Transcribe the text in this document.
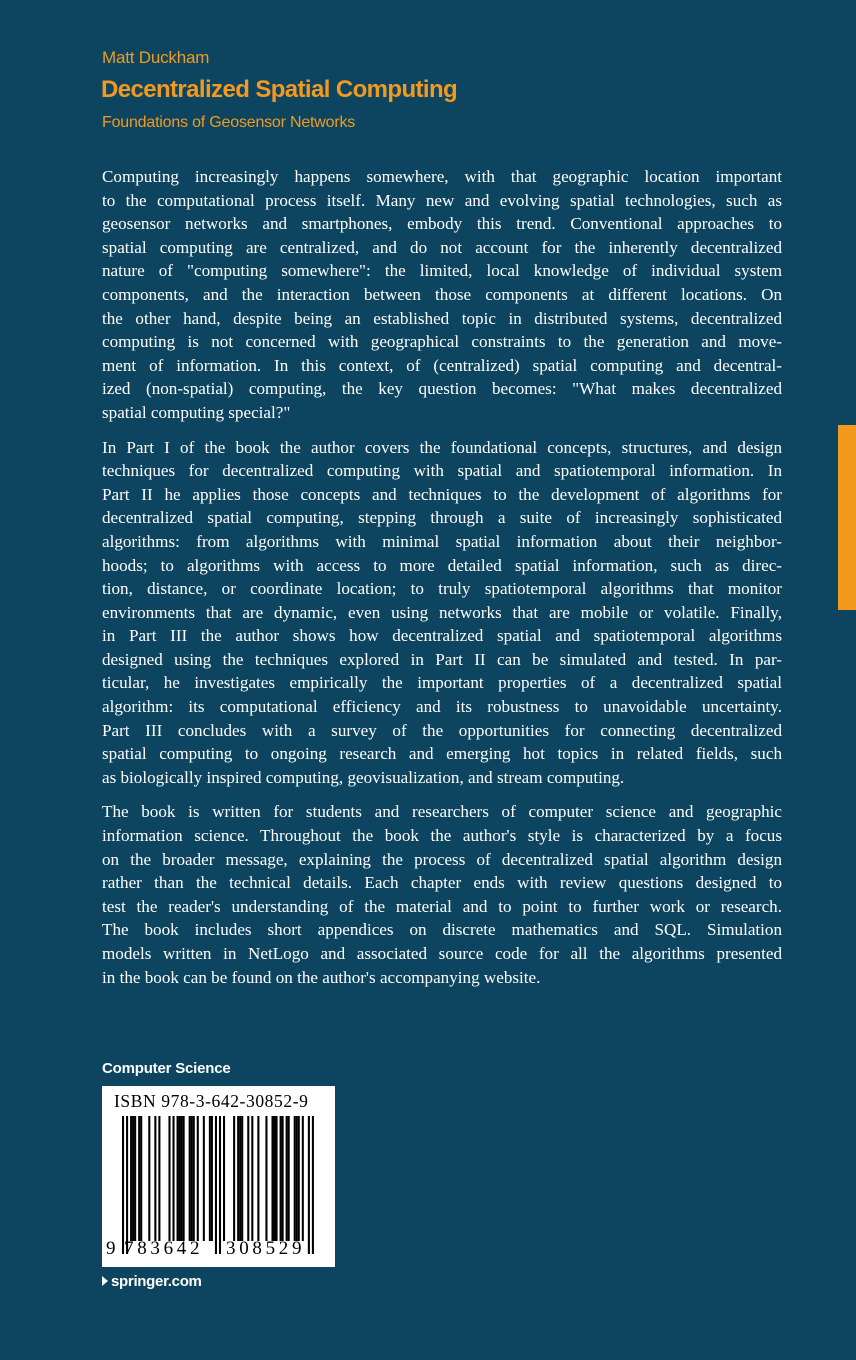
Matt Duckham
Decentralized Spatial Computing
Foundations of Geosensor Networks

Computing increasingly happens somewhere, with that geographic location important
to the computational process itself. Many new and evolving spatial technologies, such as
geosensor networks and smartphones, embody this trend. Conventional approaches to
spatial computing are centralized, and do not account for the inherently decentralized
nature of "computing somewhere": the limited, local knowledge of individual system
components, and the interaction between those components at different locations. On
the other hand, despite being an established topic in distributed systems, decentralized
computing is not concerned with geographical constraints to the generation and move-
ment of information. In this context, of (centralized) spatial computing and decentral-
ized (non-spatial) computing, the key question becomes: "What makes decentralized
spatial computing special?"

In Part I of the book the author covers the foundational concepts, structures, and design
techniques for decentralized computing with spatial and spatiotemporal information. In
Part II he applies those concepts and techniques to the development of algorithms for
decentralized spatial computing, stepping through a suite of increasingly sophisticated
algorithms: from algorithms with minimal spatial information about their neighbor-
hoods; to algorithms with access to more detailed spatial information, such as direc-
tion, distance, or coordinate location; to truly spatiotemporal algorithms that monitor
environments that are dynamic, even using networks that are mobile or volatile. Finally,
in Part III the author shows how decentralized spatial and spatiotemporal algorithms
designed using the techniques explored in Part II can be simulated and tested. In par-
ticular, he investigates empirically the important properties of a decentralized spatial
algorithm: its computational efficiency and its robustness to unavoidable uncertainty.
Part III concludes with a survey of the opportunities for connecting decentralized
spatial computing to ongoing research and emerging hot topics in related fields, such
as biologically inspired computing, geovisualization, and stream computing.

The book is written for students and researchers of computer science and geographic
information science. Throughout the book the author's style is characterized by a focus
on the broader message, explaining the process of decentralized spatial algorithm design
rather than the technical details. Each chapter ends with review questions designed to
test the reader's understanding of the material and to point to further work or research.
The book includes short appendices on discrete mathematics and SQL. Simulation
models written in NetLogo and associated source code for all the algorithms presented
in the book can be found on the author's accompanying website.

Computer Science
ISBN 978-3-642-30852-9
9 783642 308529
springer.com
